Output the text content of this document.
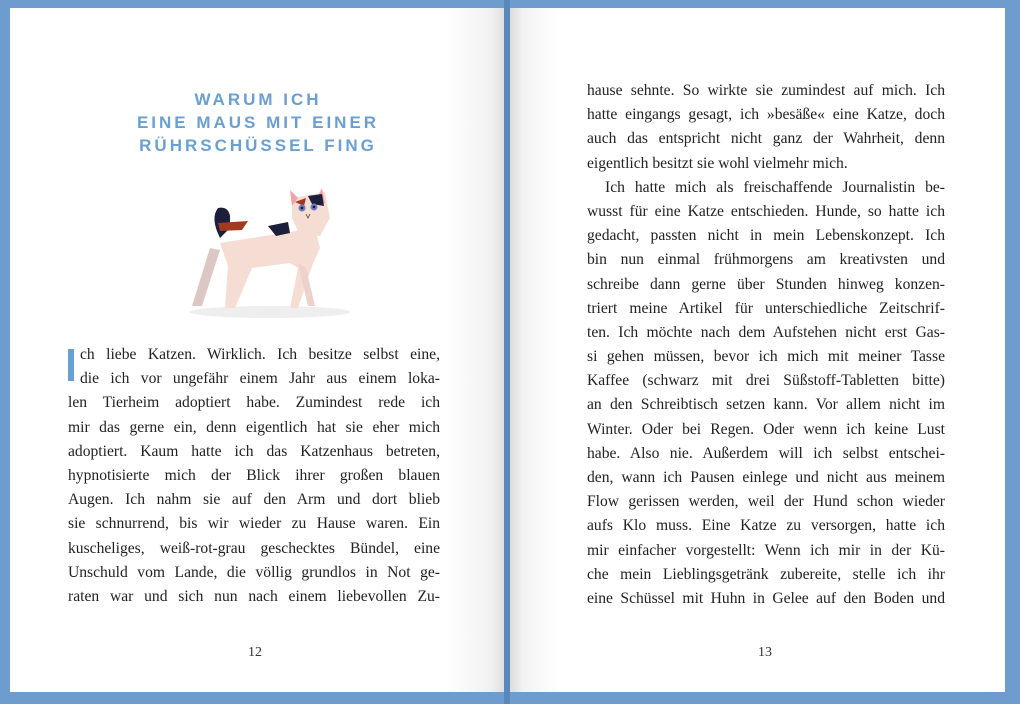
WARUM ICH
EINE MAUS MIT EINER
RÜHRSCHÜSSEL FING
12	13
ch liebe Katzen. Wirklich. Ich besitze selbst eine,
die ich vor ungefähr einem Jahr aus einem loka-
len Tierheim adoptiert habe. Zumindest rede ich
mir das gerne ein, denn eigentlich hat sie eher mich
adoptiert. Kaum hatte ich das Katzenhaus betreten,
hypnotisierte mich der Blick ihrer großen blauen
Augen. Ich nahm sie auf den Arm und dort blieb
sie schnurrend, bis wir wieder zu Hause waren. Ein
kuscheliges, weiß-rot-grau geschecktes Bündel, eine
Unschuld vom Lande, die völlig grundlos in Not ge-
raten war und sich nun nach einem liebevollen Zu-
hause sehnte. So wirkte sie zumindest auf mich. Ich
hatte eingangs gesagt, ich »besäße« eine Katze, doch
auch das entspricht nicht ganz der Wahrheit, denn
eigentlich besitzt sie wohl vielmehr mich.
Ich hatte mich als freischaffende Journalistin be-
wusst für eine Katze entschieden. Hunde, so hatte ich
gedacht, passten nicht in mein Lebenskonzept. Ich
bin nun einmal frühmorgens am kreativsten und
schreibe dann gerne über Stunden hinweg konzen-
triert meine Artikel für unterschiedliche Zeitschrif-
ten. Ich möchte nach dem Aufstehen nicht erst Gas-
si gehen müssen, bevor ich mich mit meiner Tasse
Kaffee (schwarz mit drei Süßstoff-Tabletten bitte)
an den Schreibtisch setzen kann. Vor allem nicht im
Winter. Oder bei Regen. Oder wenn ich keine Lust
habe. Also nie. Außerdem will ich selbst entschei-
den, wann ich Pausen einlege und nicht aus meinem
Flow gerissen werden, weil der Hund schon wieder
aufs Klo muss. Eine Katze zu versorgen, hatte ich
mir einfacher vorgestellt: Wenn ich mir in der Kü-
che mein Lieblingsgetränk zubereite, stelle ich ihr
eine Schüssel mit Huhn in Gelee auf den Boden und
